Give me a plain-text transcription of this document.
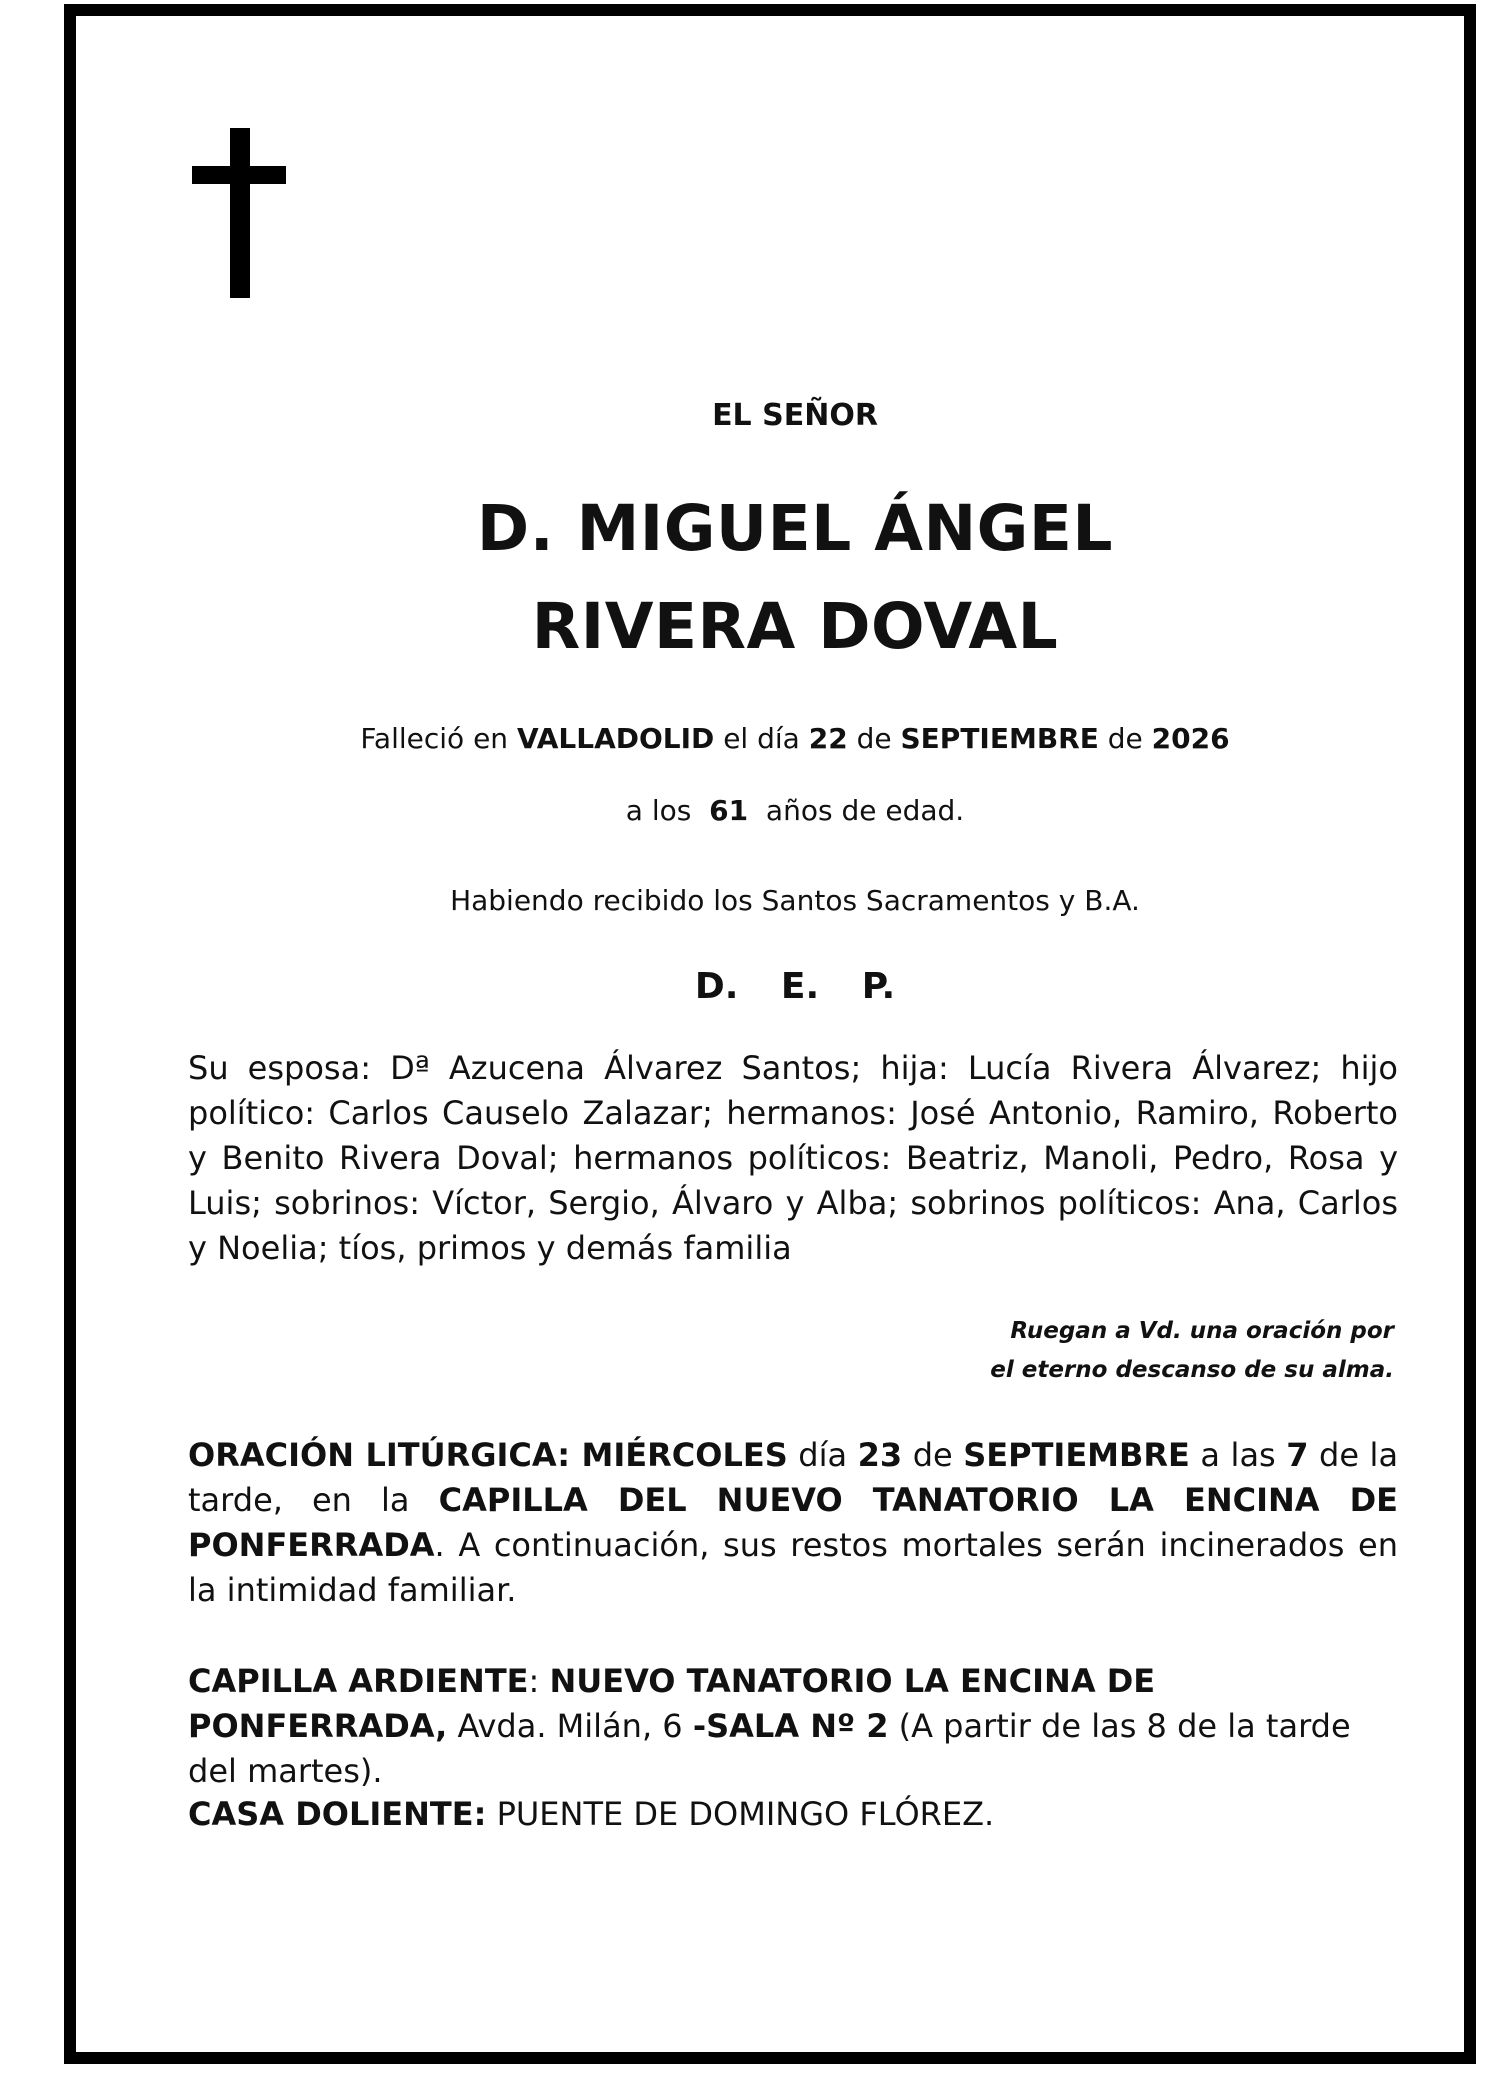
EL SEÑOR
D. MIGUEL ÁNGEL
RIVERA DOVAL
Falleció en VALLADOLID el día 22 de SEPTIEMBRE de 2026
a los  61  años de edad.
Habiendo recibido los Santos Sacramentos y B.A.
D. E. P.
Su esposa: Dª Azucena Álvarez Santos; hija: Lucía Rivera Álvarez; hijo político: Carlos Causelo Zalazar; hermanos: José Antonio, Ramiro, Roberto y Benito Rivera Doval; hermanos políticos: Beatriz, Manoli, Pedro, Rosa y Luis; sobrinos: Víctor, Sergio, Álvaro y Alba; sobrinos políticos: Ana, Carlos y Noelia; tíos, primos y demás familia
Ruegan a Vd. una oración por
el eterno descanso de su alma.
ORACIÓN LITÚRGICA: MIÉRCOLES día 23 de SEPTIEMBRE a las 7 de la tarde, en la CAPILLA DEL NUEVO TANATORIO LA ENCINA DE PONFERRADA. A continuación, sus restos mortales serán incinerados en la intimidad familiar.
CAPILLA ARDIENTE: NUEVO TANATORIO LA ENCINA DE PONFERRADA, Avda. Milán, 6 -SALA Nº 2 (A partir de las 8 de la tarde del martes).
CASA DOLIENTE: PUENTE DE DOMINGO FLÓREZ.
